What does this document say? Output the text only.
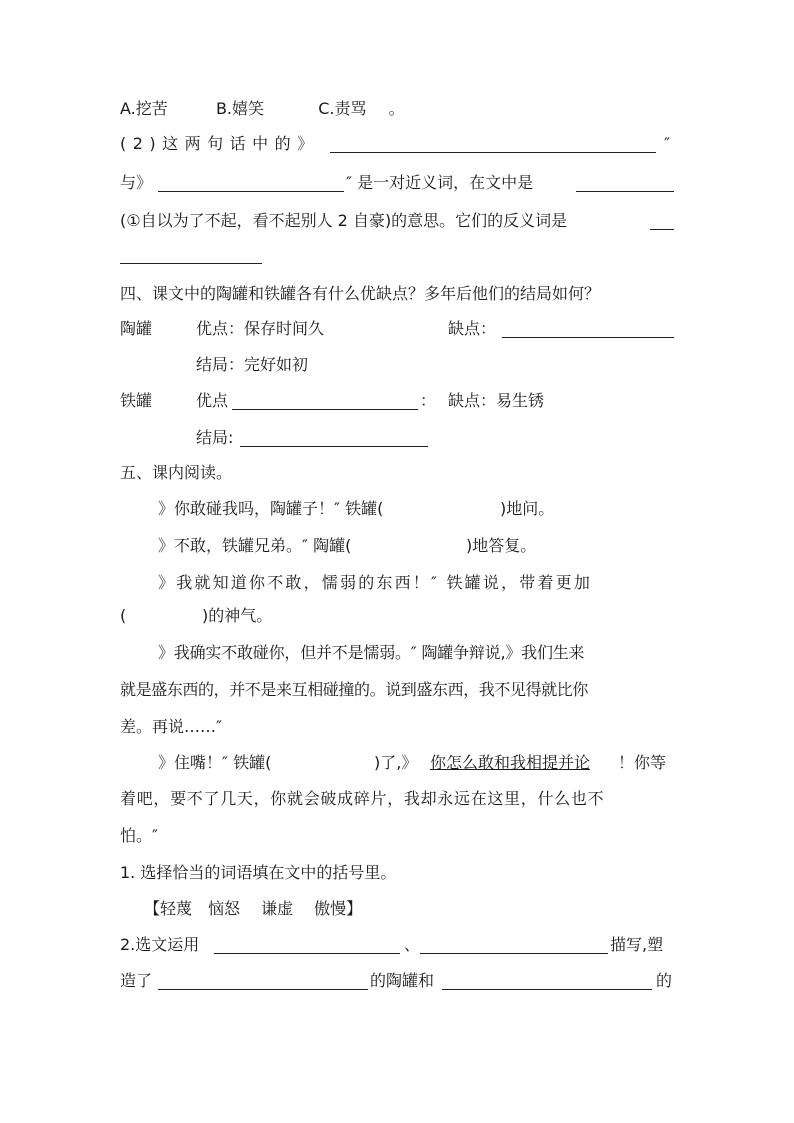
A.挖苦	B.嬉笑	C.责骂 。
(2)这两句话中的》	″
与》	″ 是一对近义词，在文中是
(①自以为了不起，看不起别人 2 自豪)的意思。它们的反义词是
四、课文中的陶罐和铁罐各有什么优缺点？多年后他们的结局如何？
陶罐	优点： 保存时间久	缺点：
结局： 完好如初
铁罐	优点	： 缺点： 易生锈
结局:
五、课内阅读。
》你敢碰我吗，陶罐子！″ 铁罐(	)地问。
》不敢，铁罐兄弟。″ 陶罐(	)地答复。
》我就知道你不敢，懦弱的东西！″ 铁罐说，带着更加
(	)的神气。
》我确实不敢碰你，但并不是懦弱。″ 陶罐争辩说,》我们生来
就是盛东西的，并不是来互相碰撞的。说到盛东西，我不见得就比你
差。再说……″
》住嘴！″ 铁罐(	)了,》 你怎么敢和我相提并论 ！你等
着吧，要不了几天，你就会破成碎片，我却永远在这里，什么也不
怕。″
1. 选择恰当的词语填在文中的括号里。
【轻蔑　恼怒　 谦虚　 傲慢】
2.选文运用	、	描写,塑
造了	的陶罐和	的
